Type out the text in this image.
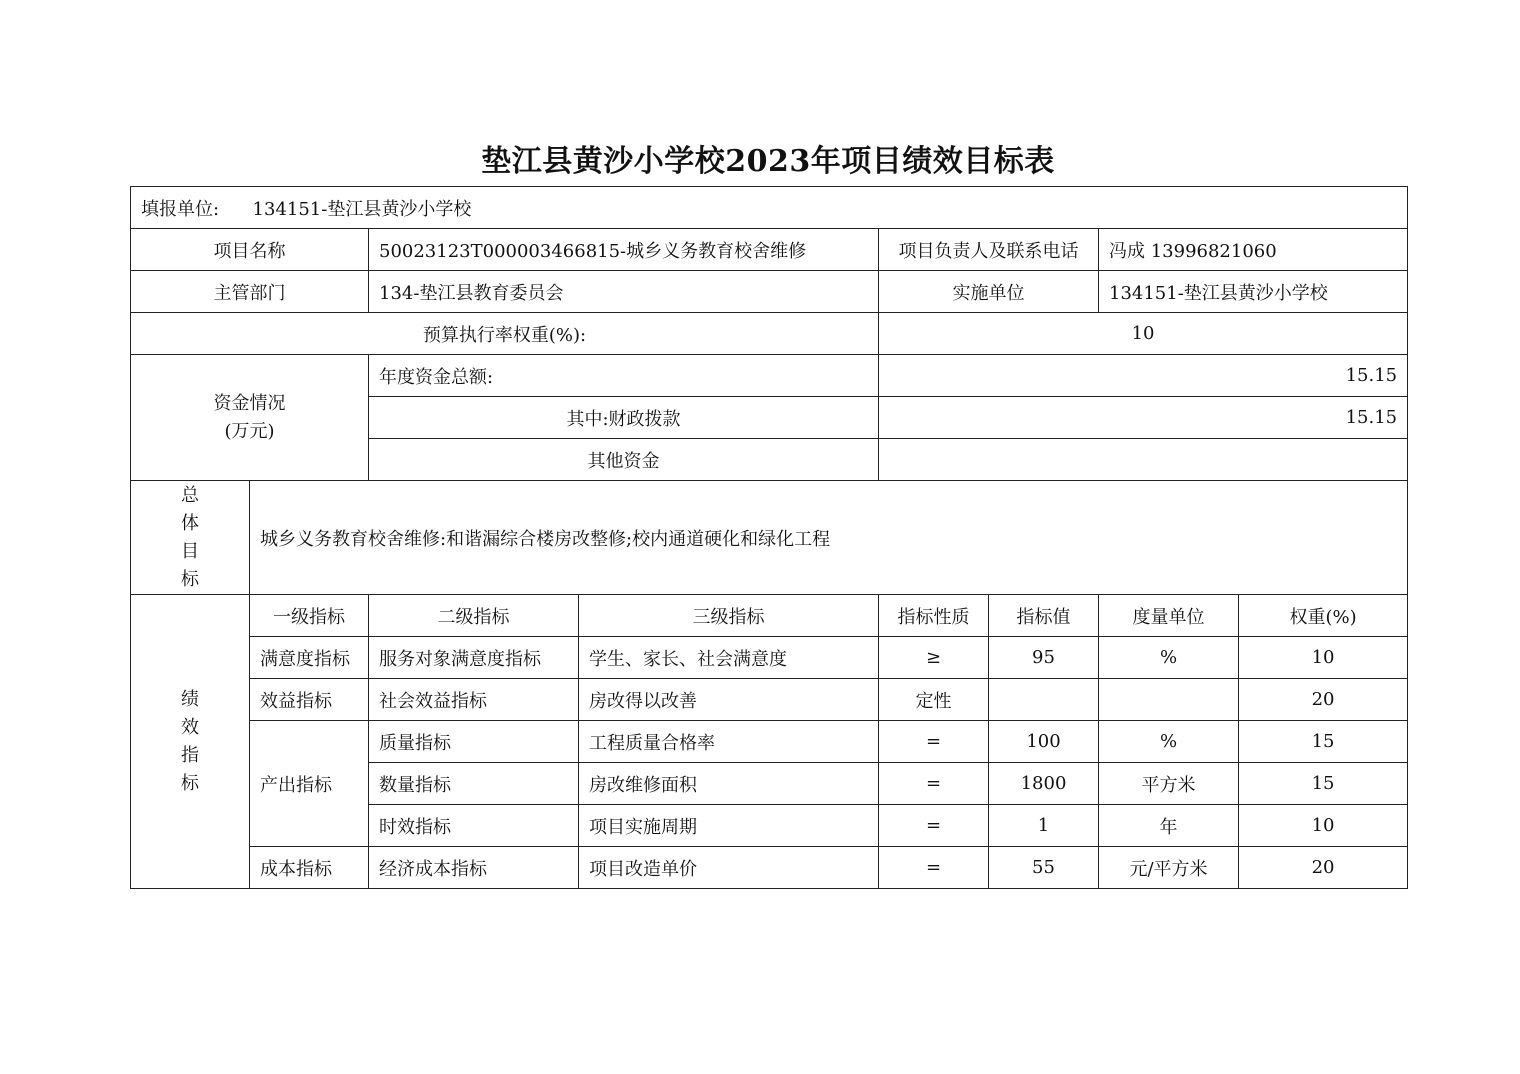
垫江县黄沙小学校2023年项目绩效目标表
填报单位: 134151-垫江县黄沙小学校							
项目名称		50023123T000003466815-城乡义务教育校舍维修		项目负责人及联系电话		冯成 13996821060	
主管部门		134-垫江县教育委员会		实施单位		134151-垫江县黄沙小学校	
预算执行率权重(%):				10			

资金情况
(万元)		年度资金总额:		15.15			
		其中:财政拨款		15.15			
		其他资金					

总
体
目
标	城乡义务教育校舍维修:和谐漏综合楼房改整修;校内通道硬化和绿化工程						

绩
效
指
标	一级指标	二级指标	三级指标	指标性质	指标值	度量单位	权重(%)
	满意度指标	服务对象满意度指标	学生、家长、社会满意度	≥	95	%	10
	效益指标	社会效益指标	房改得以改善	定性			20
	产出指标	质量指标	工程质量合格率	=	100	%	15
		数量指标	房改维修面积	=	1800	平方米	15
		时效指标	项目实施周期	=	1	年	10
	成本指标	经济成本指标	项目改造单价	=	55	元/平方米	20
